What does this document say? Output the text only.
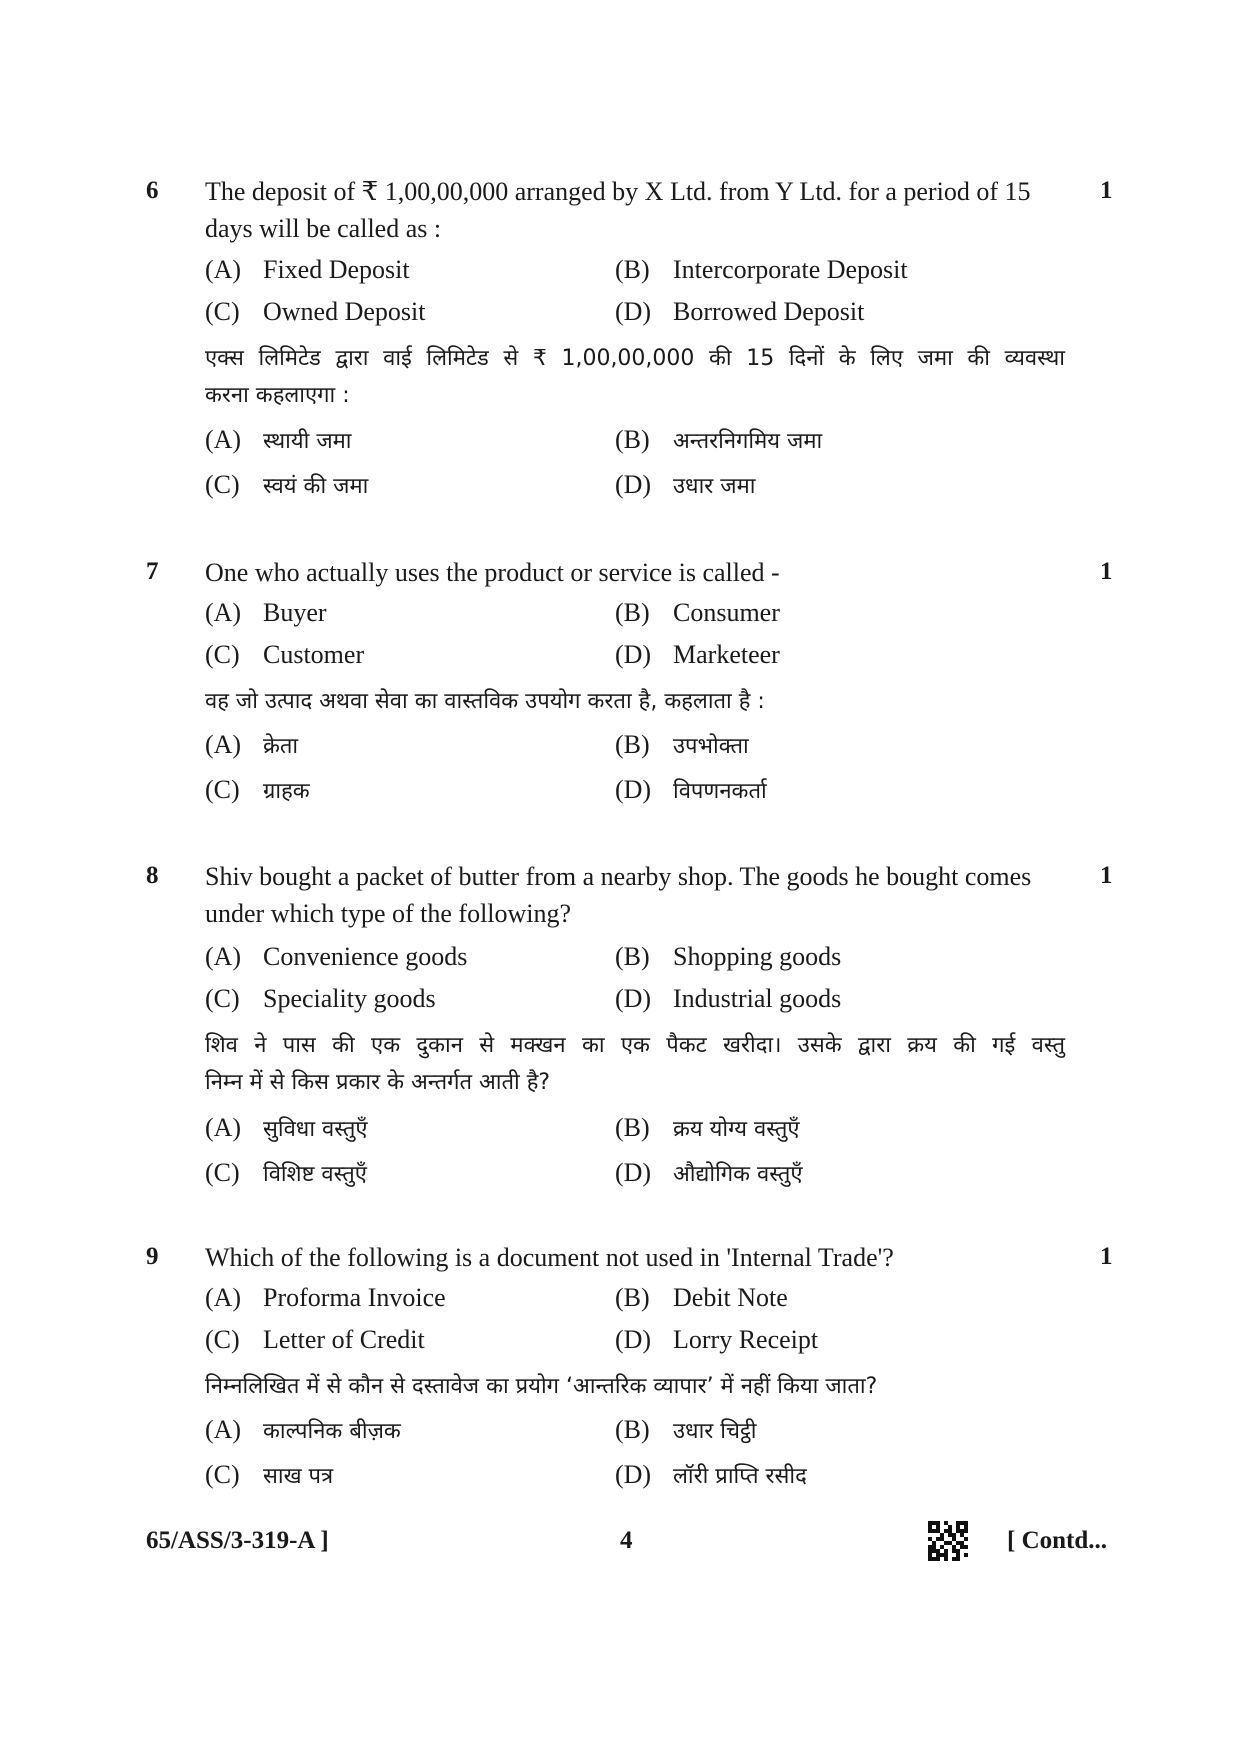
6 The deposit of ₹ 1,00,00,000 arranged by X Ltd. from Y Ltd. for a period of 15 days will be called as :
1
(A) Fixed Deposit	(B) Intercorporate Deposit
(C) Owned Deposit	(D) Borrowed Deposit
एक्स लिमिटेड द्वारा वाई लिमिटेड से ₹ 1,00,00,000 की 15 दिनों के लिए जमा की व्यवस्था
करना कहलाएगा :
(A) स्थायी जमा	(B) अन्तरनिगमिय जमा
(C) स्वयं की जमा	(D) उधार जमा
7 One who actually uses the product or service is called -	1
(A) Buyer	(B) Consumer
(C) Customer	(D) Marketeer
वह जो उत्पाद अथवा सेवा का वास्तविक उपयोग करता है, कहलाता है :
(A) क्रेता	(B) उपभोक्ता
(C) ग्राहक	(D) विपणनकर्ता
8 Shiv bought a packet of butter from a nearby shop. The goods he bought comes under which type of the following?
1
(A) Convenience goods	(B) Shopping goods
(C) Speciality goods	(D) Industrial goods
शिव ने पास की एक दुकान से मक्खन का एक पैकट खरीदा। उसके द्वारा क्रय की गई वस्तु
निम्न में से किस प्रकार के अन्तर्गत आती है?
(A) सुविधा वस्तुएँ	(B) क्रय योग्य वस्तुएँ
(C) विशिष्ट वस्तुएँ	(D) औद्योगिक वस्तुएँ
9 Which of the following is a document not used in 'Internal Trade'?	1
(A) Proforma Invoice	(B) Debit Note
(C) Letter of Credit	(D) Lorry Receipt
निम्नलिखित में से कौन से दस्तावेज का प्रयोग ‘आन्तरिक व्यापार’ में नहीं किया जाता?
(A) काल्पनिक बीज़क	(B) उधार चिट्ठी
(C) साख पत्र	(D) लॉरी प्राप्ति रसीद
65/ASS/3-319-A ]	4	[ Contd...
